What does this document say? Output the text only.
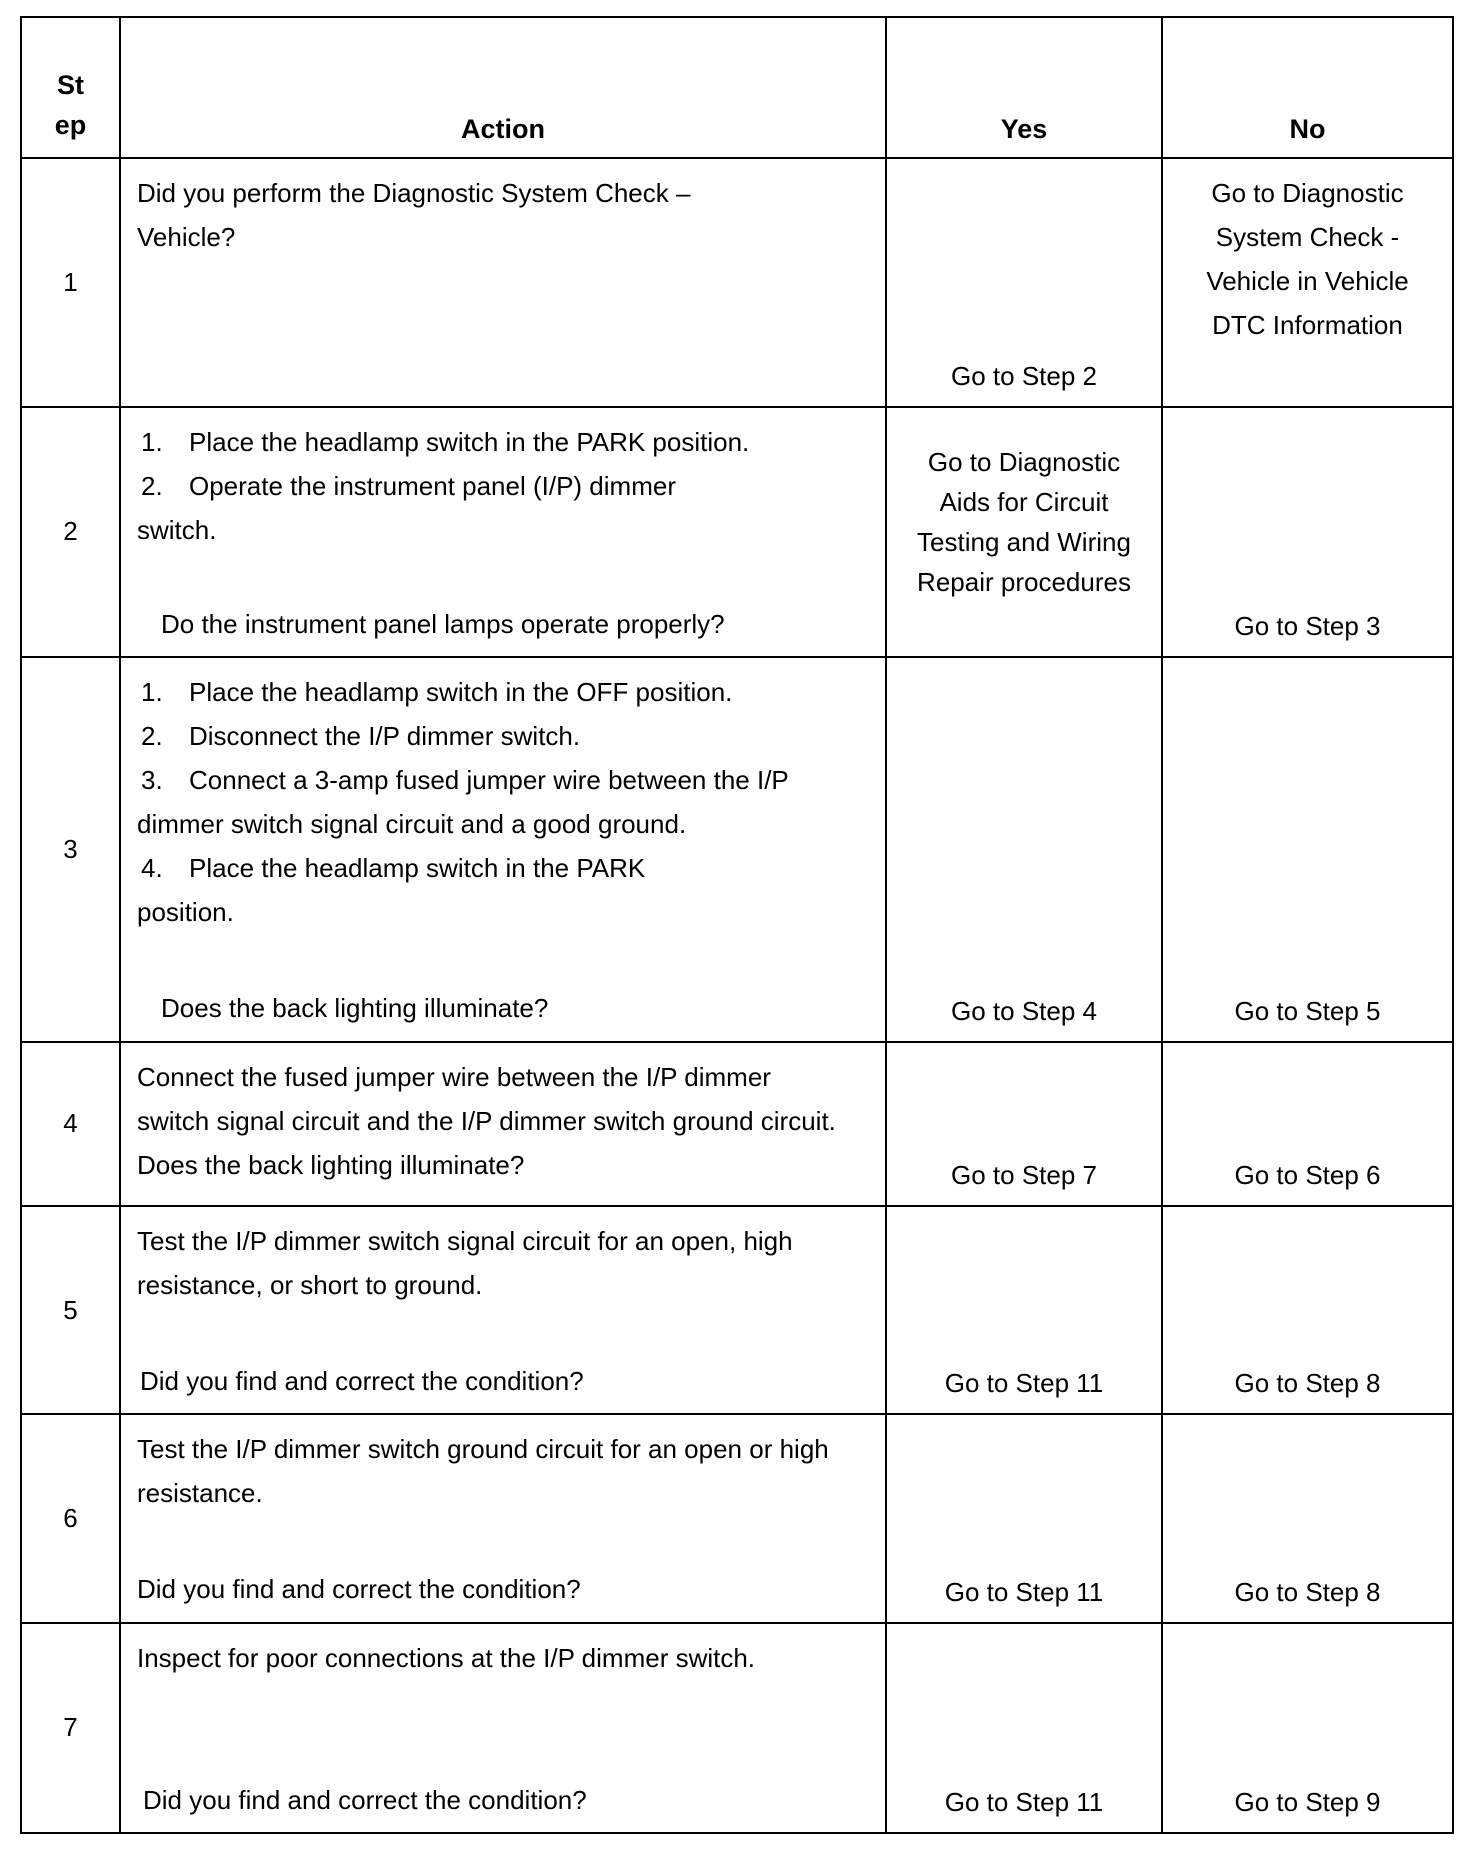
St
ep	Action	Yes	No
1	Did you perform the Diagnostic System Check – Vehicle?	Go to Step 2	Go to Diagnostic System Check - Vehicle in Vehicle DTC Information

2	1. Place the headlamp switch in the PARK position.
2. Operate the instrument panel (I/P) dimmer switch.
Do the instrument panel lamps operate properly?	Go to Diagnostic Aids for Circuit Testing and Wiring Repair procedures	Go to Step 3
3	1. Place the headlamp switch in the OFF position.
2. Disconnect the I/P dimmer switch.
3. Connect a 3-amp fused jumper wire between the I/P dimmer switch signal circuit and a good ground.
4. Place the headlamp switch in the PARK position.
Does the back lighting illuminate?	Go to Step 4	Go to Step 5
4	Connect the fused jumper wire between the I/P dimmer switch signal circuit and the I/P dimmer switch ground circuit. Does the back lighting illuminate?	Go to Step 7	Go to Step 6
5	Test the I/P dimmer switch signal circuit for an open, high resistance, or short to ground.
Did you find and correct the condition?	Go to Step 11	Go to Step 8
6	Test the I/P dimmer switch ground circuit for an open or high resistance.
Did you find and correct the condition?	Go to Step 11	Go to Step 8
7	Inspect for poor connections at the I/P dimmer switch.
Did you find and correct the condition?	Go to Step 11	Go to Step 9
